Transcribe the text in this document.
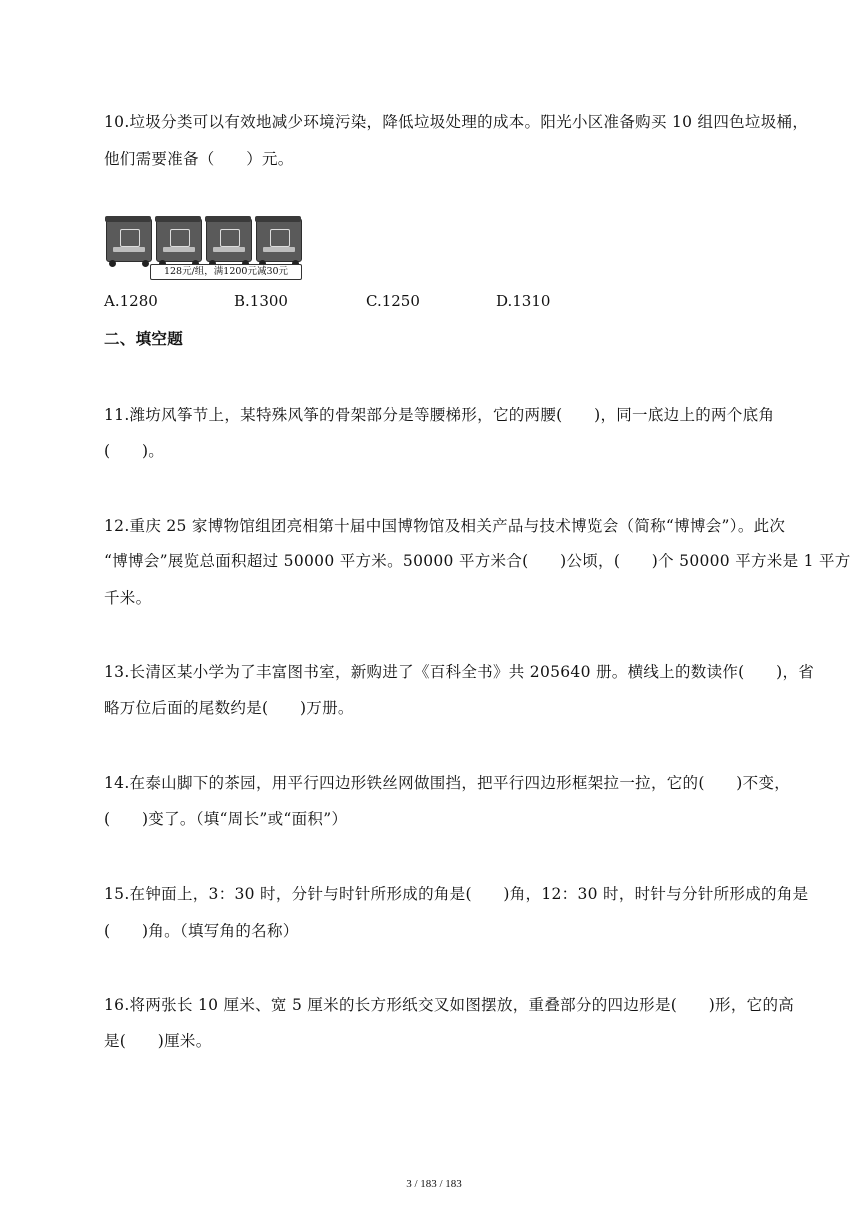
10.垃圾分类可以有效地减少环境污染，降低垃圾处理的成本。阳光小区准备购买 10 组四色垃圾桶，
他们需要准备（　　）元。
128元/组，满1200元减30元
A.1280	B.1300	C.1250	D.1310
二、填空题
11.潍坊风筝节上，某特殊风筝的骨架部分是等腰梯形，它的两腰(　　)，同一底边上的两个底角
(　　)。
12.重庆 25 家博物馆组团亮相第十届中国博物馆及相关产品与技术博览会（简称“博博会”）。此次
“博博会”展览总面积超过 50000 平方米。50000 平方米合(　　)公顷，(　　)个 50000 平方米是 1 平方
千米。
13.长清区某小学为了丰富图书室，新购进了《百科全书》共 205640 册。横线上的数读作(　　)，省
略万位后面的尾数约是(　　)万册。
14.在泰山脚下的茶园，用平行四边形铁丝网做围挡，把平行四边形框架拉一拉，它的(　　)不变，
(　　)变了。（填“周长”或“面积”）
15.在钟面上，3：30 时，分针与时针所形成的角是(　　)角，12：30 时，时针与分针所形成的角是
(　　)角。（填写角的名称）
16.将两张长 10 厘米、宽 5 厘米的长方形纸交叉如图摆放，重叠部分的四边形是(　　)形，它的高
是(　　)厘米。
3 / 183 / 183
